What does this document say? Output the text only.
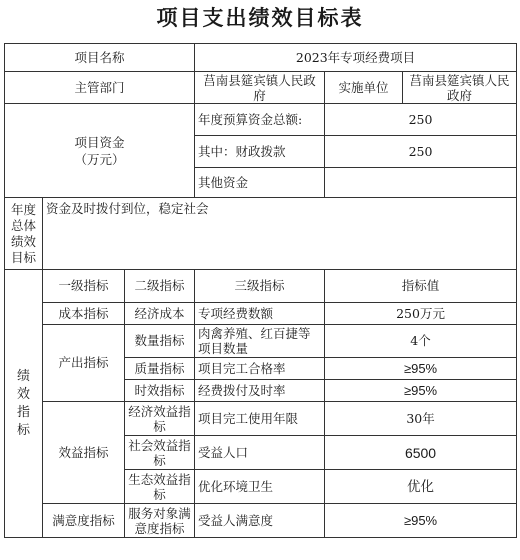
项目支出绩效目标表
项目名称			2023年专项经费项目		
主管部门			莒南县筵宾镇人民政府	实施单位	莒南县筵宾镇人民政府
项目资金
（万元）			年度预算资金总额:	250	
			其中：财政拨款	250	
			其他资金		

年度总体绩效目标	资金及时拨付到位，稳定社会				

绩效指标	一级指标	二级指标	三级指标	指标值	
	成本指标	经济成本	专项经费数额	250万元	
	产出指标	数量指标	肉禽养殖、红百捷等项目数量	4个	
		质量指标	项目完工合格率	≥95%	
		时效指标	经费拨付及时率	≥95%	
	效益指标	经济效益指标	项目完工使用年限	30年	
		社会效益指标	受益人口	6500	
		生态效益指标	优化环境卫生	优化	
	满意度指标	服务对象满意度指标	受益人满意度	≥95%	
